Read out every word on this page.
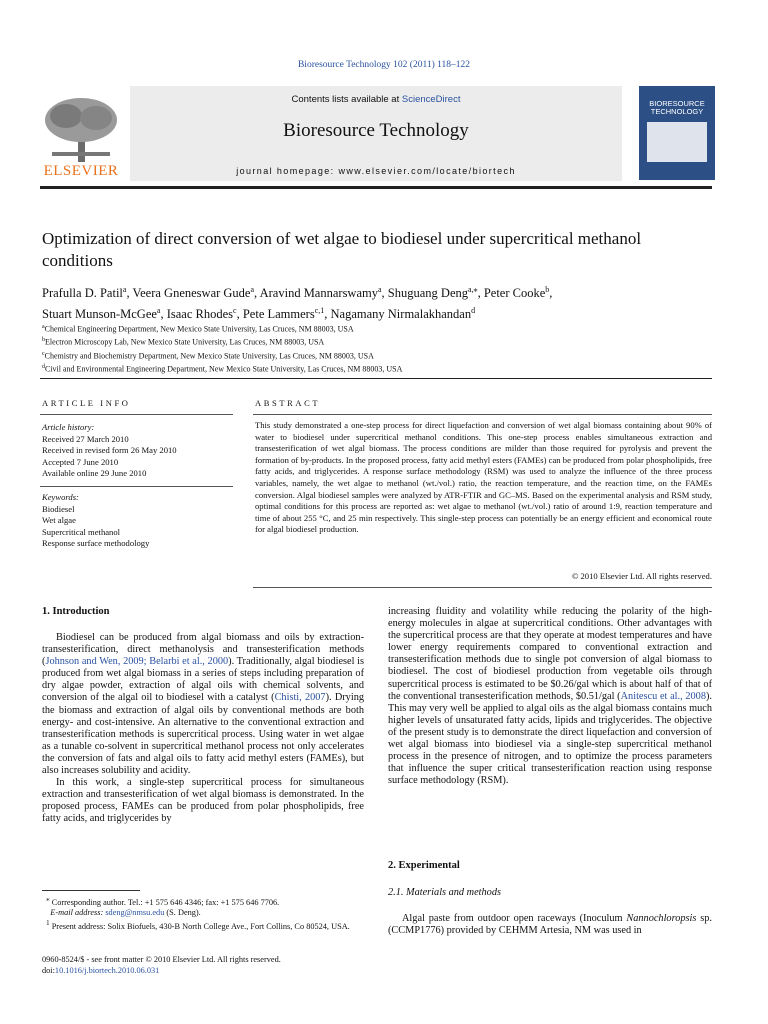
Bioresource Technology 102 (2011) 118–122
Contents lists available at ScienceDirect
Bioresource Technology
journal homepage: www.elsevier.com/locate/biortech
ELSEVIER
BIORESOURCE
TECHNOLOGY
Optimization of direct conversion of wet algae to biodiesel under supercritical methanol conditions
Prafulla D. Patil$^a$, Veera Gneneswar Gude$^a$, Aravind Mannarswamy$^a$, Shuguang Deng$^{a,⁎}$, Peter Cooke$^b$,
Stuart Munson-McGee$^a$, Isaac Rhodes$^c$, Pete Lammers$^{c,1}$, Nagamany Nirmalakhandan$^d$
$^a$Chemical Engineering Department, New Mexico State University, Las Cruces, NM 88003, USA
$^b$Electron Microscopy Lab, New Mexico State University, Las Cruces, NM 88003, USA
$^c$Chemistry and Biochemistry Department, New Mexico State University, Las Cruces, NM 88003, USA
$^d$Civil and Environmental Engineering Department, New Mexico State University, Las Cruces, NM 88003, USA
ARTICLE INFO	ABSTRACT
Article history:
Received 27 March 2010
Received in revised form 26 May 2010
Accepted 7 June 2010
Available online 29 June 2010
Keywords:
Biodiesel
Wet algae
Supercritical methanol
Response surface methodology
This study demonstrated a one-step process for direct liquefaction and conversion of wet algal biomass containing about 90% of water to biodiesel under supercritical methanol conditions. This one-step process enables simultaneous extraction and transesterification of wet algal biomass. The process conditions are milder than those required for pyrolysis and prevent the formation of by-products. In the proposed process, fatty acid methyl esters (FAMEs) can be produced from polar phospholipids, free fatty acids, and triglycerides. A response surface methodology (RSM) was used to analyze the influence of the three process variables, namely, the wet algae to methanol (wt./vol.) ratio, the reaction temperature, and the reaction time, on the FAMEs conversion. Algal biodiesel samples were analyzed by ATR-FTIR and GC–MS. Based on the experimental analysis and RSM study, optimal conditions for this process are reported as: wet algae to methanol (wt./vol.) ratio of around 1:9, reaction temperature and time of about 255 °C, and 25 min respectively. This single-step process can potentially be an energy efficient and economical route for algal biodiesel production.
© 2010 Elsevier Ltd. All rights reserved.
1. Introduction

Biodiesel can be produced from algal biomass and oils by extraction-transesterification, direct methanolysis and transesterification methods (Johnson and Wen, 2009; Belarbi et al., 2000). Traditionally, algal biodiesel is produced from wet algal biomass in a series of steps including preparation of dry algae powder, extraction of algal oils with chemical solvents, and conversion of the algal oil to biodiesel with a catalyst (Chisti, 2007). Drying the biomass and extraction of algal oils by conventional methods are both energy- and cost-intensive. An alternative to the conventional extraction and transesterification methods is supercritical process. Using water in wet algae as a tunable co-solvent in supercritical methanol process not only accelerates the conversion of fats and algal oils to fatty acid methyl esters (FAMEs), but also increases solubility and acidity.

In this work, a single-step supercritical process for simultaneous extraction and transesterification of wet algal biomass is demonstrated. In the proposed process, FAMEs can be produced from polar phospholipids, free fatty acids, and triglycerides by

increasing fluidity and volatility while reducing the polarity of the high-energy molecules in algae at supercritical conditions. Other advantages with the supercritical process are that they operate at modest temperatures and have lower energy requirements compared to conventional extraction and transesterification methods due to single pot conversion of algal biomass to biodiesel. The cost of biodiesel production from vegetable oils through supercritical process is estimated to be $0.26/gal which is about half of that of the conventional transesterification methods, $0.51/gal (Anitescu et al., 2008). This may very well be applied to algal oils as the algal biomass contains much higher levels of unsaturated fatty acids, lipids and triglycerides. The objective of the present study is to demonstrate the direct liquefaction and conversion of wet algal biomass into biodiesel via a single-step supercritical methanol process in the presence of nitrogen, and to optimize the process parameters that influence the super critical transesterification reaction using response surface methodology (RSM).

2. Experimental
2.1. Materials and methods

Algal paste from outdoor open raceways (Inoculum Nannochloropsis sp. (CCMP1776) provided by CEHMM Artesia, NM was used in

⁎ Corresponding author. Tel.: +1 575 646 4346; fax: +1 575 646 7706.
E-mail address: sdeng@nmsu.edu (S. Deng).
$^1$ Present address: Solix Biofuels, 430-B North College Ave., Fort Collins, Co 80524, USA.
0960-8524/$ - see front matter © 2010 Elsevier Ltd. All rights reserved.
doi:10.1016/j.biortech.2010.06.031
